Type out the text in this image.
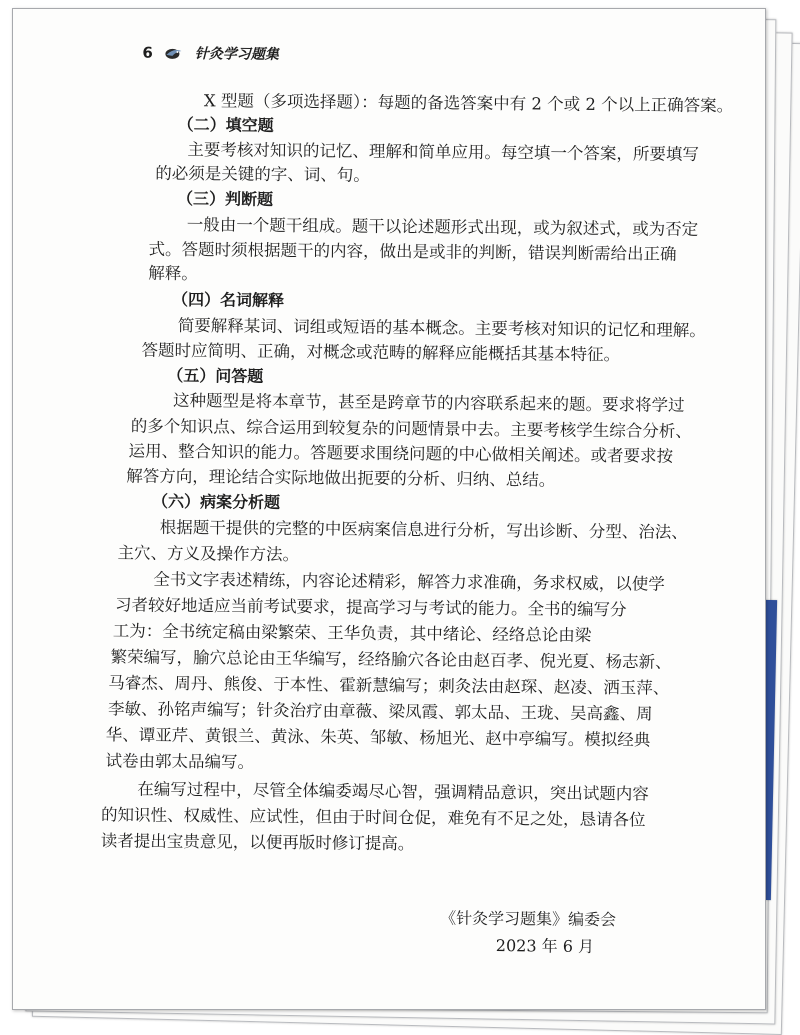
6	针灸学习题集
X 型题（多项选择题）：每题的备选答案中有 2 个或 2 个以上正确答案。
（二）填空题
主要考核对知识的记忆、理解和简单应用。每空填一个答案，所要填写
的必须是关键的字、词、句。
（三）判断题
一般由一个题干组成。题干以论述题形式出现，或为叙述式，或为否定
式。答题时须根据题干的内容，做出是或非的判断，错误判断需给出正确
解释。
（四）名词解释
简要解释某词、词组或短语的基本概念。主要考核对知识的记忆和理解。
答题时应简明、正确，对概念或范畴的解释应能概括其基本特征。
（五）问答题
这种题型是将本章节，甚至是跨章节的内容联系起来的题。要求将学过
的多个知识点、综合运用到较复杂的问题情景中去。主要考核学生综合分析、
运用、整合知识的能力。答题要求围绕问题的中心做相关阐述。或者要求按
解答方向，理论结合实际地做出扼要的分析、归纳、总结。
（六）病案分析题
根据题干提供的完整的中医病案信息进行分析，写出诊断、分型、治法、
主穴、方义及操作方法。
全书文字表述精练，内容论述精彩，解答力求准确，务求权威，以使学
习者较好地适应当前考试要求，提高学习与考试的能力。全书的编写分
工为：全书统定稿由梁繁荣、王华负责，其中绪论、经络总论由梁
繁荣编写，腧穴总论由王华编写，经络腧穴各论由赵百孝、倪光夏、杨志新、
马睿杰、周丹、熊俊、于本性、霍新慧编写；刺灸法由赵琛、赵凌、洒玉萍、
李敏、孙铭声编写；针灸治疗由章薇、梁凤霞、郭太品、王珑、吴高鑫、周
华、谭亚芹、黄银兰、黄泳、朱英、邹敏、杨旭光、赵中亭编写。模拟经典
试卷由郭太品编写。
在编写过程中，尽管全体编委竭尽心智，强调精品意识，突出试题内容
的知识性、权威性、应试性，但由于时间仓促，难免有不足之处，恳请各位
读者提出宝贵意见，以便再版时修订提高。
《针灸学习题集》编委会
2023 年 6 月
